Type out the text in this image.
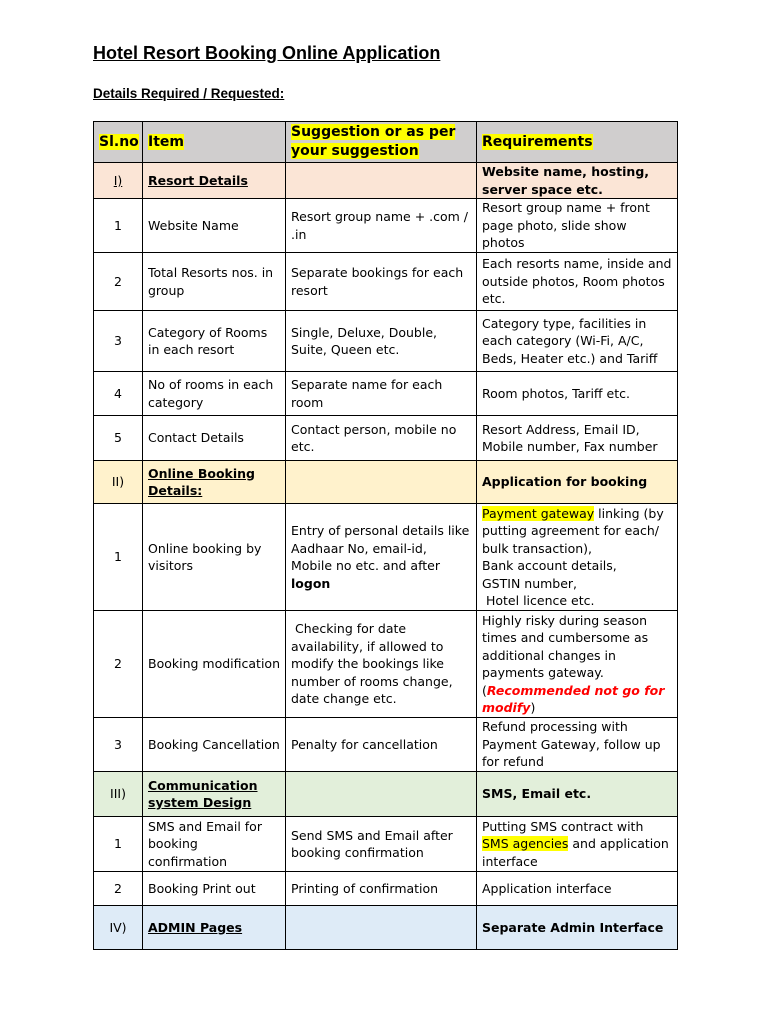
Hotel Resort Booking Online Application
Details Required / Requested:
Sl.no	Item	Suggestion or as per your suggestion	Requirements
I)	Resort Details		Website name, hosting, server space etc.
1	Website Name	Resort group name + .com / .in	Resort group name + front page photo, slide show photos
2	Total Resorts nos. in group	Separate bookings for each resort	Each resorts name, inside and outside photos, Room photos etc.
3	Category of Rooms in each resort	Single, Deluxe, Double, Suite, Queen etc.	Category type, facilities in each category (Wi-Fi, A/C, Beds, Heater etc.) and Tariff
4	No of rooms in each category	Separate name for each room	Room photos, Tariff etc.
5	Contact Details	Contact person, mobile no etc.	Resort Address, Email ID, Mobile number, Fax number
II)	Online Booking Details:		Application for booking
1	Online booking by visitors	Entry of personal details like Aadhaar No, email-id, Mobile no etc. and after logon	Payment gateway linking (by putting agreement for each/ bulk transaction),
Bank account details,
GSTIN number,
Hotel licence etc.
2	Booking modification	Checking for date availability, if allowed to modify the bookings like number of rooms change, date change etc.	Highly risky during season times and cumbersome as additional changes in payments gateway.
(Recommended not go for modify)
3	Booking Cancellation	Penalty for cancellation	Refund processing with Payment Gateway, follow up for refund
III)	Communication system Design		SMS, Email etc.
1	SMS and Email for booking confirmation	Send SMS and Email after booking confirmation	Putting SMS contract with SMS agencies and application interface
2	Booking Print out	Printing of confirmation	Application interface
IV)	ADMIN Pages		Separate Admin Interface
